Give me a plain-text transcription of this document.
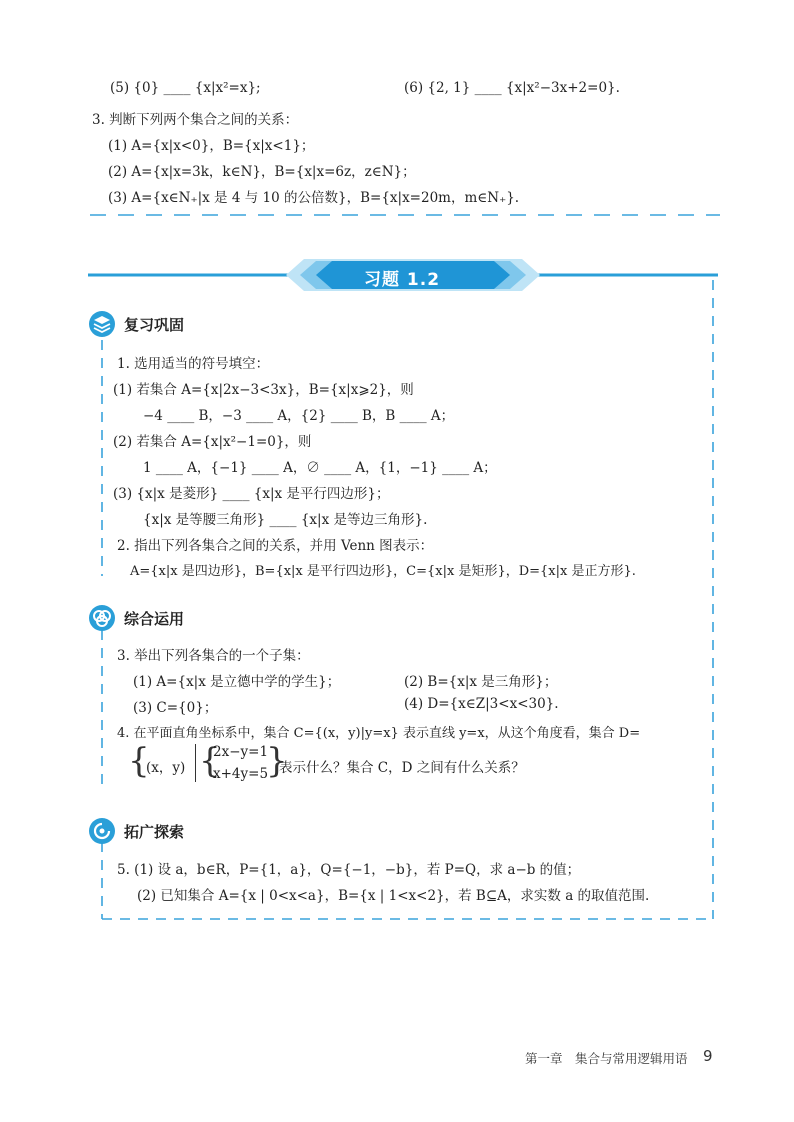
(5) {0} ____ {x|x²=x};	(6) {2, 1} ____ {x|x²−3x+2=0}.
3. 判断下列两个集合之间的关系：
(1) A={x|x<0}，B={x|x<1}；
(2) A={x|x=3k，k∈N}，B={x|x=6z，z∈N}；
(3) A={x∈N₊|x 是 4 与 10 的公倍数}，B={x|x=20m，m∈N₊}.
习题 1.2
复习巩固
1. 选用适当的符号填空：
(1) 若集合 A={x|2x−3<3x}，B={x|x⩾2}，则
−4 ____ B，−3 ____ A，{2} ____ B，B ____ A；
(2) 若集合 A={x|x²−1=0}，则
1 ____ A，{−1} ____ A，∅ ____ A，{1，−1} ____ A；
(3) {x|x 是菱形} ____ {x|x 是平行四边形}；
{x|x 是等腰三角形} ____ {x|x 是等边三角形}.
2. 指出下列各集合之间的关系，并用 Venn 图表示：
A={x|x 是四边形}，B={x|x 是平行四边形}，C={x|x 是矩形}，D={x|x 是正方形}.
综合运用
3. 举出下列各集合的一个子集：
(1) A={x|x 是立德中学的学生}；	(2) B={x|x 是三角形}；
(3) C={0}；	(4) D={x∈Z|3<x<30}.
4. 在平面直角坐标系中，集合 C={(x，y)|y=x} 表示直线 y=x，从这个角度看，集合 D=
{
(x，y) {
2x−y=1
x+4y=5
}
表示什么？集合 C，D 之间有什么关系？
拓广探索
5. (1) 设 a，b∈R，P={1，a}，Q={−1，−b}，若 P=Q，求 a−b 的值；
(2) 已知集合 A={x | 0<x<a}，B={x | 1<x<2}，若 B⊆A，求实数 a 的取值范围.
第一章　集合与常用逻辑用语 9
